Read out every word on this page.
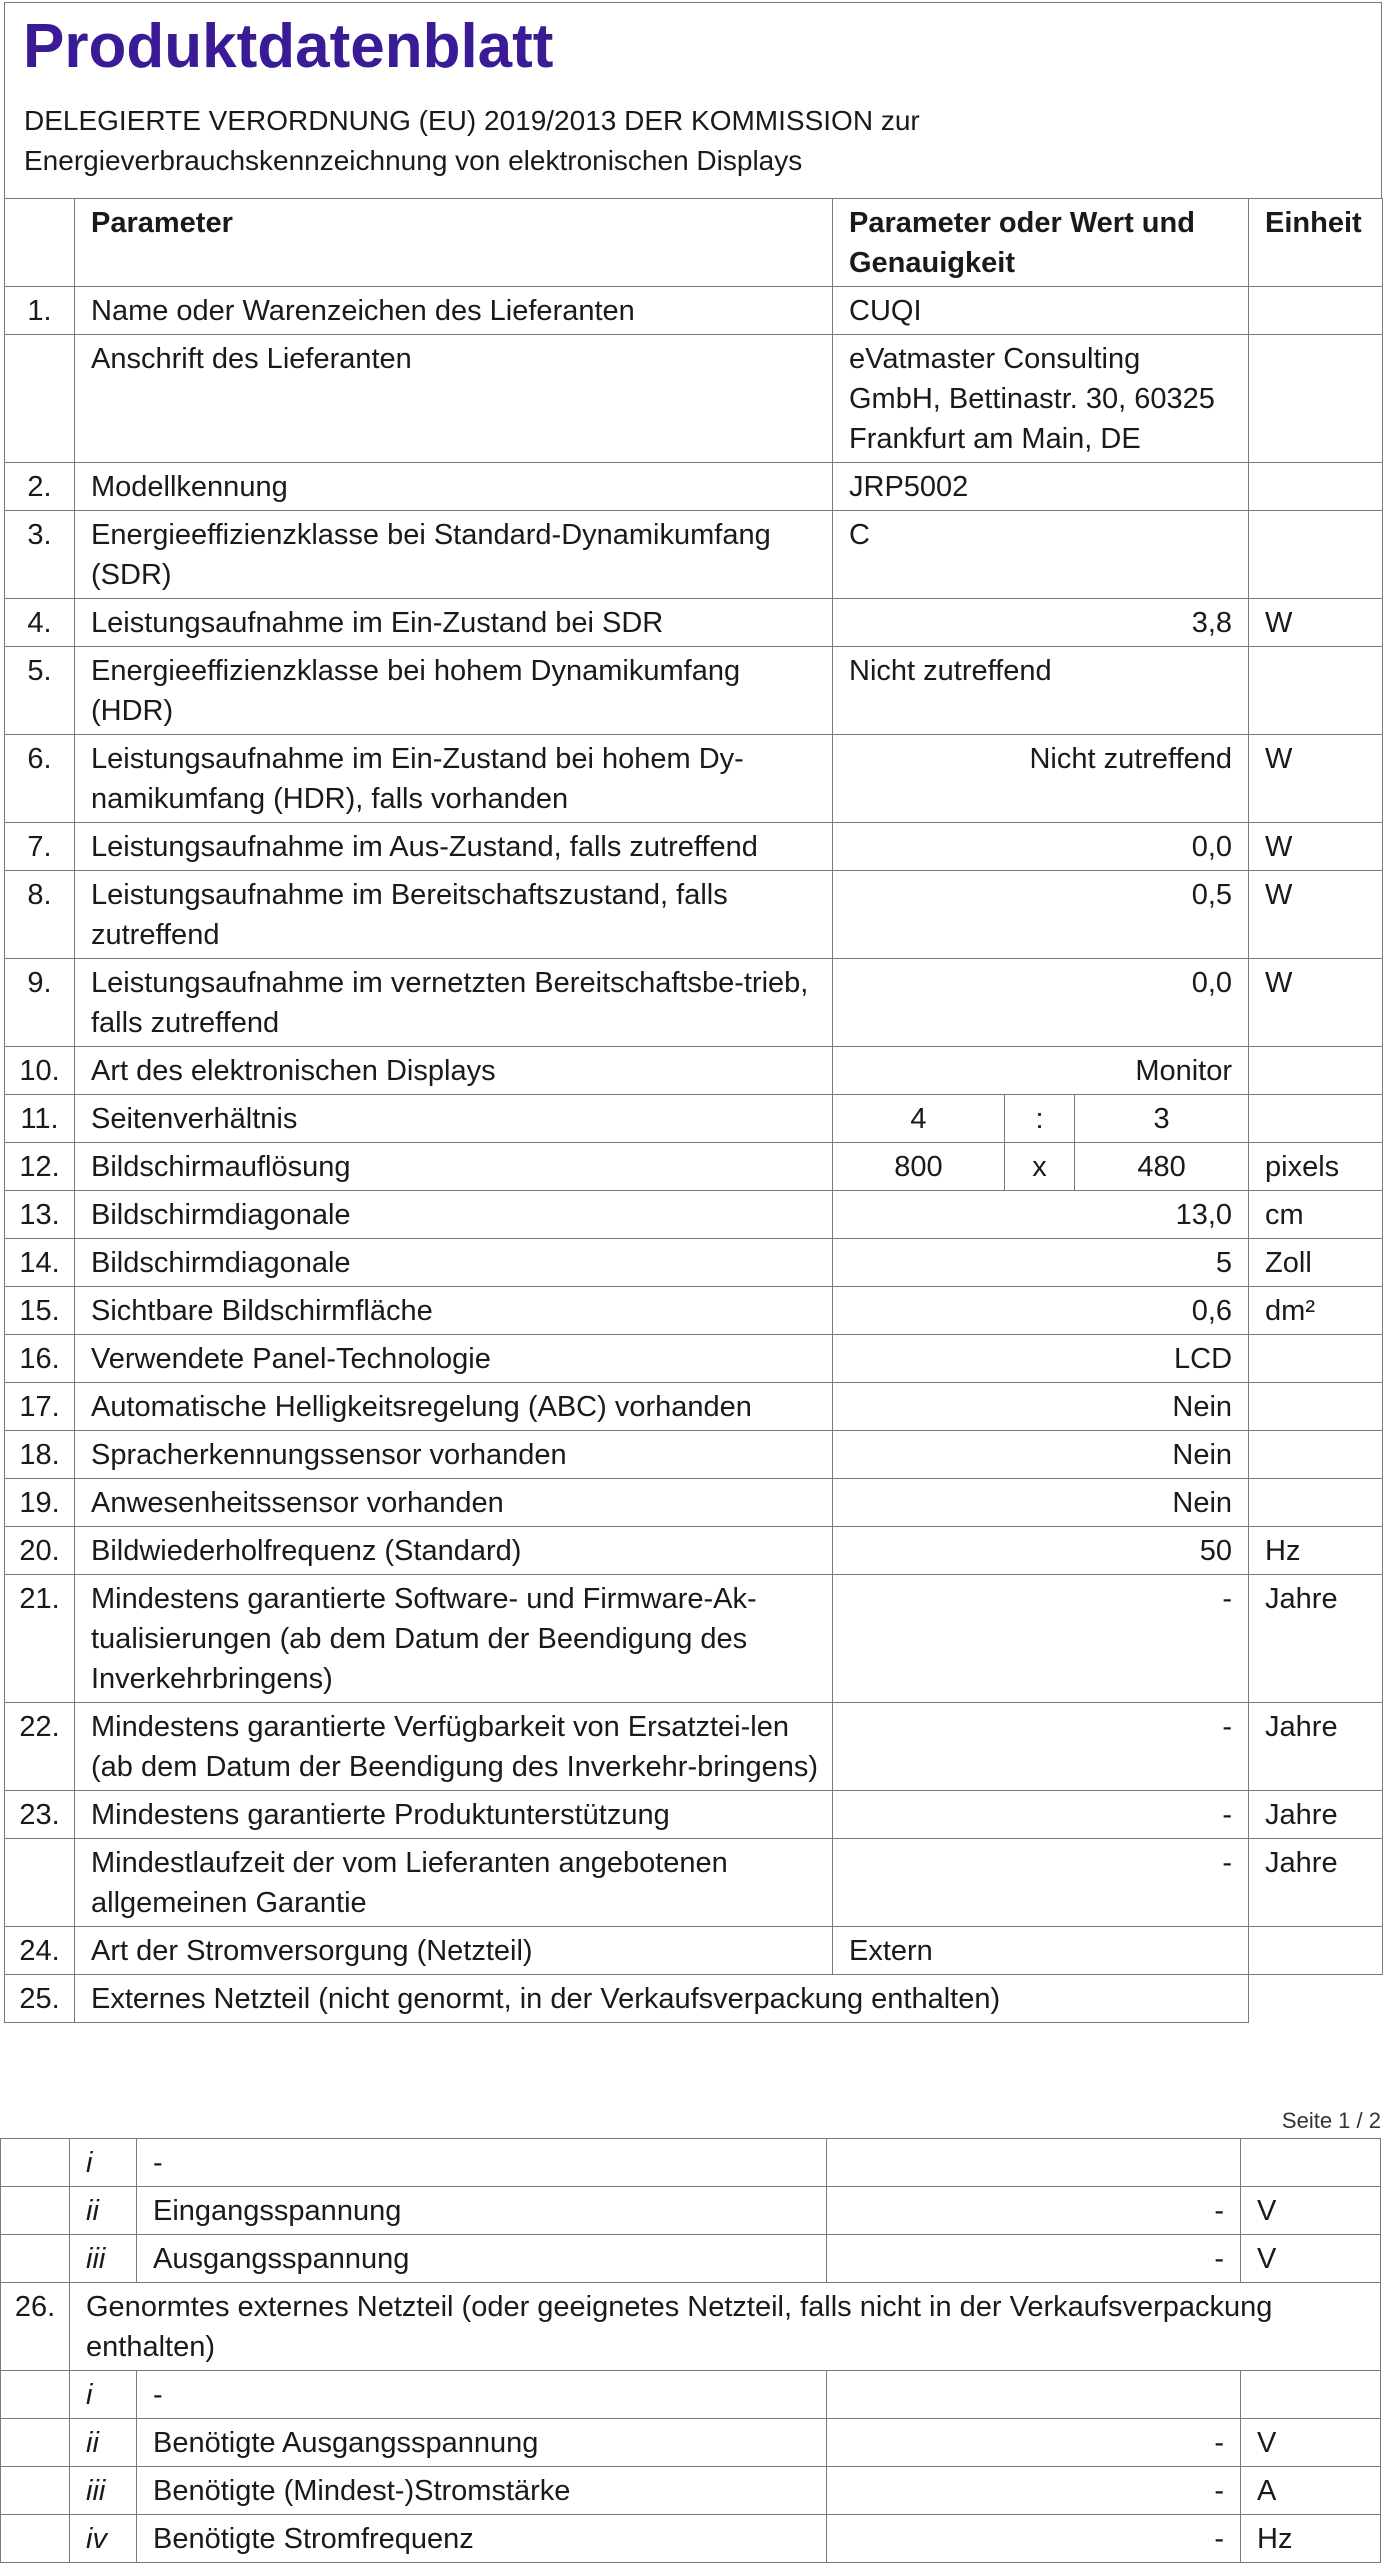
Produktdatenblatt
DELEGIERTE VERORDNUNG (EU) 2019/2013 DER KOMMISSION zur
Energieverbrauchskennzeichnung von elektronischen Displays
	Parameter	Parameter oder Wert und Genauigkeit			Einheit
1.	Name oder Warenzeichen des Lieferanten	CUQI			
	Anschrift des Lieferanten	eVatmaster Consulting GmbH, Bettinastr. 30, 60325 Frankfurt am Main, DE			
2.	Modellkennung	JRP5002			
3.	Energieeffizienzklasse bei Standard-Dynamikumfang (SDR)	C			
4.	Leistungsaufnahme im Ein-Zustand bei SDR	3,8			W
5.	Energieeffizienzklasse bei hohem Dynamikumfang (HDR)	Nicht zutreffend			
6.	Leistungsaufnahme im Ein-Zustand bei hohem Dy-namikumfang (HDR), falls vorhanden	Nicht zutreffend			W
7.	Leistungsaufnahme im Aus-Zustand, falls zutreffend	0,0			W
8.	Leistungsaufnahme im Bereitschaftszustand, falls zutreffend	0,5			W
9.	Leistungsaufnahme im vernetzten Bereitschaftsbe-trieb, falls zutreffend	0,0			W
10.	Art des elektronischen Displays	Monitor			
11.	Seitenverhältnis	4	:	3	
12.	Bildschirmauflösung	800	x	480	pixels
13.	Bildschirmdiagonale	13,0			cm
14.	Bildschirmdiagonale	5			Zoll
15.	Sichtbare Bildschirmfläche	0,6			dm²
16.	Verwendete Panel-Technologie	LCD			
17.	Automatische Helligkeitsregelung (ABC) vorhanden	Nein			
18.	Spracherkennungssensor vorhanden	Nein			
19.	Anwesenheitssensor vorhanden	Nein			
20.	Bildwiederholfrequenz (Standard)	50			Hz
21.	Mindestens garantierte Software- und Firmware-Ak-tualisierungen (ab dem Datum der Beendigung des Inverkehrbringens)	-			Jahre
22.	Mindestens garantierte Verfügbarkeit von Ersatztei-len (ab dem Datum der Beendigung des Inverkehr-bringens)	-			Jahre
23.	Mindestens garantierte Produktunterstützung	-			Jahre
	Mindestlaufzeit der vom Lieferanten angebotenen allgemeinen Garantie	-			Jahre
24.	Art der Stromversorgung (Netzteil)	Extern			
25.	Externes Netzteil (nicht genormt, in der Verkaufsverpackung enthalten)				
Seite 1 / 2
	i	-		
	ii	Eingangsspannung	-	V
	iii	Ausgangsspannung	-	V
26.	Genormtes externes Netzteil (oder geeignetes Netzteil, falls nicht in der Verkaufsverpackung enthalten)			
	i	-		
	ii	Benötigte Ausgangsspannung	-	V
	iii	Benötigte (Mindest-)Stromstärke	-	A
	iv	Benötigte Stromfrequenz	-	Hz
